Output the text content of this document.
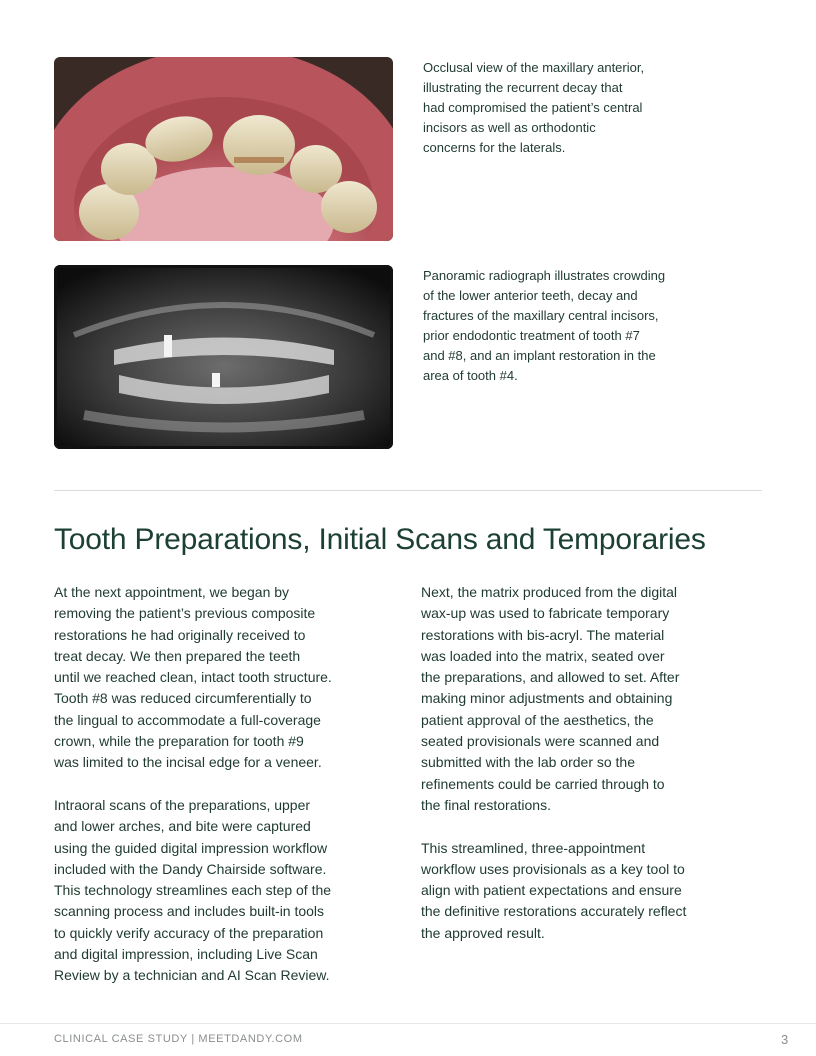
Occlusal view of the maxillary anterior,
illustrating the recurrent decay that
had compromised the patient’s central
incisors as well as orthodontic
concerns for the laterals.

Panoramic radiograph illustrates crowding
of the lower anterior teeth, decay and
fractures of the maxillary central incisors,
prior endodontic treatment of tooth #7
and #8, and an implant restoration in the
area of tooth #4.

Tooth Preparations, Initial Scans and Temporaries

At the next appointment, we began by
removing the patient’s previous composite
restorations he had originally received to
treat decay. We then prepared the teeth
until we reached clean, intact tooth structure.
Tooth #8 was reduced circumferentially to
the lingual to accommodate a full-coverage
crown, while the preparation for tooth #9
was limited to the incisal edge for a veneer.

Intraoral scans of the preparations, upper
and lower arches, and bite were captured
using the guided digital impression workflow
included with the Dandy Chairside software.
This technology streamlines each step of the
scanning process and includes built-in tools
to quickly verify accuracy of the preparation
and digital impression, including Live Scan
Review by a technician and AI Scan Review.

Next, the matrix produced from the digital
wax-up was used to fabricate temporary
restorations with bis-acryl. The material
was loaded into the matrix, seated over
the preparations, and allowed to set. After
making minor adjustments and obtaining
patient approval of the aesthetics, the
seated provisionals were scanned and
submitted with the lab order so the
refinements could be carried through to
the final restorations.

This streamlined, three-appointment
workflow uses provisionals as a key tool to
align with patient expectations and ensure
the definitive restorations accurately reflect
the approved result.

CLINICAL CASE STUDY | MEETDANDY.COM	3
